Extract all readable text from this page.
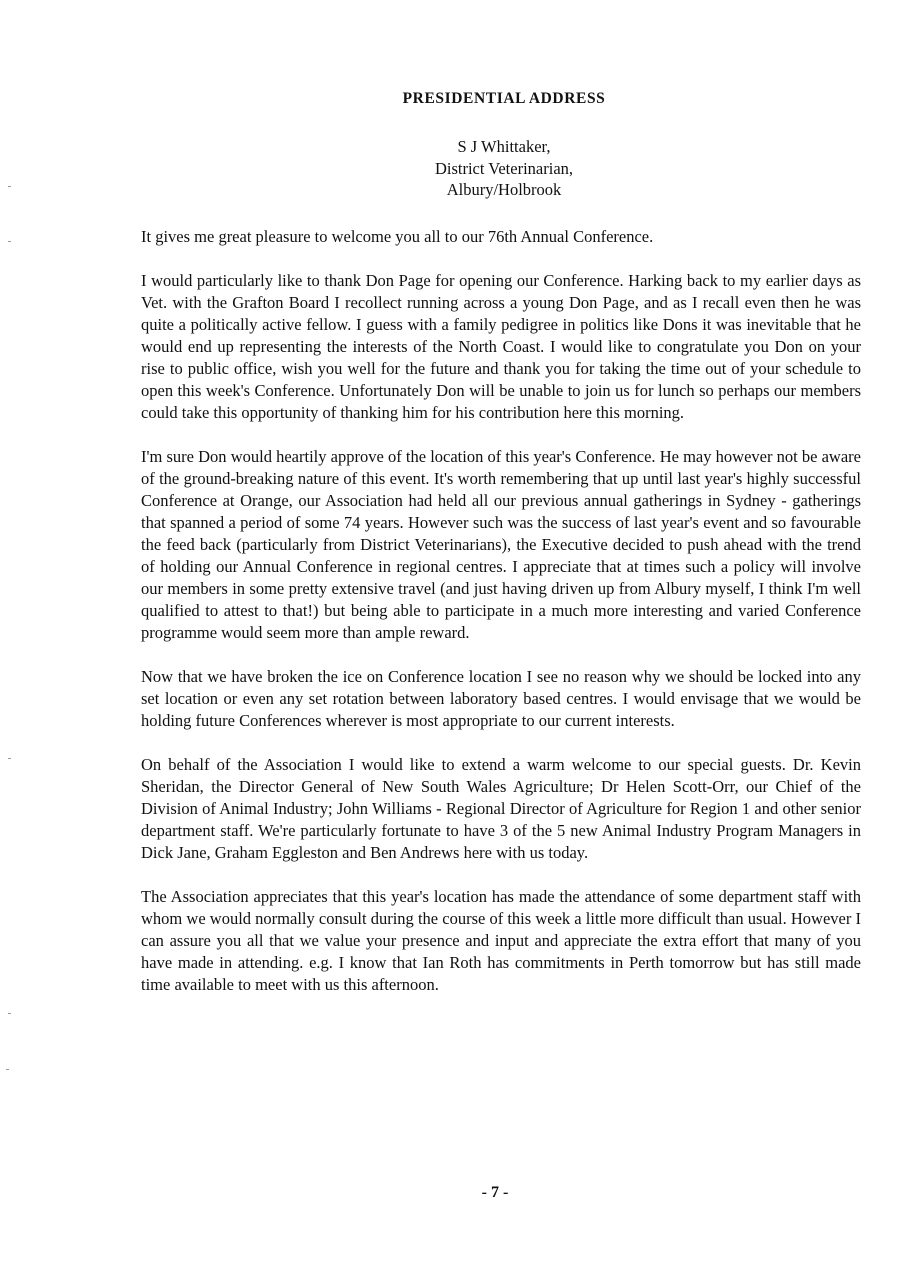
PRESIDENTIAL ADDRESS
S J Whittaker,
District Veterinarian,
Albury/Holbrook

It gives me great pleasure to welcome you all to our 76th Annual Conference.

I would particularly like to thank Don Page for opening our Conference. Harking back to my earlier days as Vet. with the Grafton Board I recollect running across a young Don Page, and as I recall even then he was quite a politically active fellow. I guess with a family pedigree in politics like Dons it was inevitable that he would end up representing the interests of the North Coast. I would like to congratulate you Don on your rise to public office, wish you well for the future and thank you for taking the time out of your schedule to open this week's Conference. Unfortunately Don will be unable to join us for lunch so perhaps our members could take this opportunity of thanking him for his contribution here this morning.

I'm sure Don would heartily approve of the location of this year's Conference. He may however not be aware of the ground-breaking nature of this event. It's worth remembering that up until last year's highly successful Conference at Orange, our Association had held all our previous annual gatherings in Sydney - gatherings that spanned a period of some 74 years. However such was the success of last year's event and so favourable the feed back (particularly from District Veterinarians), the Executive decided to push ahead with the trend of holding our Annual Conference in regional centres. I appreciate that at times such a policy will involve our members in some pretty extensive travel (and just having driven up from Albury myself, I think I'm well qualified to attest to that!) but being able to participate in a much more interesting and varied Conference programme would seem more than ample reward.

Now that we have broken the ice on Conference location I see no reason why we should be locked into any set location or even any set rotation between laboratory based centres. I would envisage that we would be holding future Conferences wherever is most appropriate to our current interests.

On behalf of the Association I would like to extend a warm welcome to our special guests. Dr. Kevin Sheridan, the Director General of New South Wales Agriculture; Dr Helen Scott-Orr, our Chief of the Division of Animal Industry; John Williams - Regional Director of Agriculture for Region 1 and other senior department staff. We're particularly fortunate to have 3 of the 5 new Animal Industry Program Managers in Dick Jane, Graham Eggleston and Ben Andrews here with us today.

The Association appreciates that this year's location has made the attendance of some department staff with whom we would normally consult during the course of this week a little more difficult than usual. However I can assure you all that we value your presence and input and appreciate the extra effort that many of you have made in attending. e.g. I know that Ian Roth has commitments in Perth tomorrow but has still made time available to meet with us this afternoon.

- 7 -
